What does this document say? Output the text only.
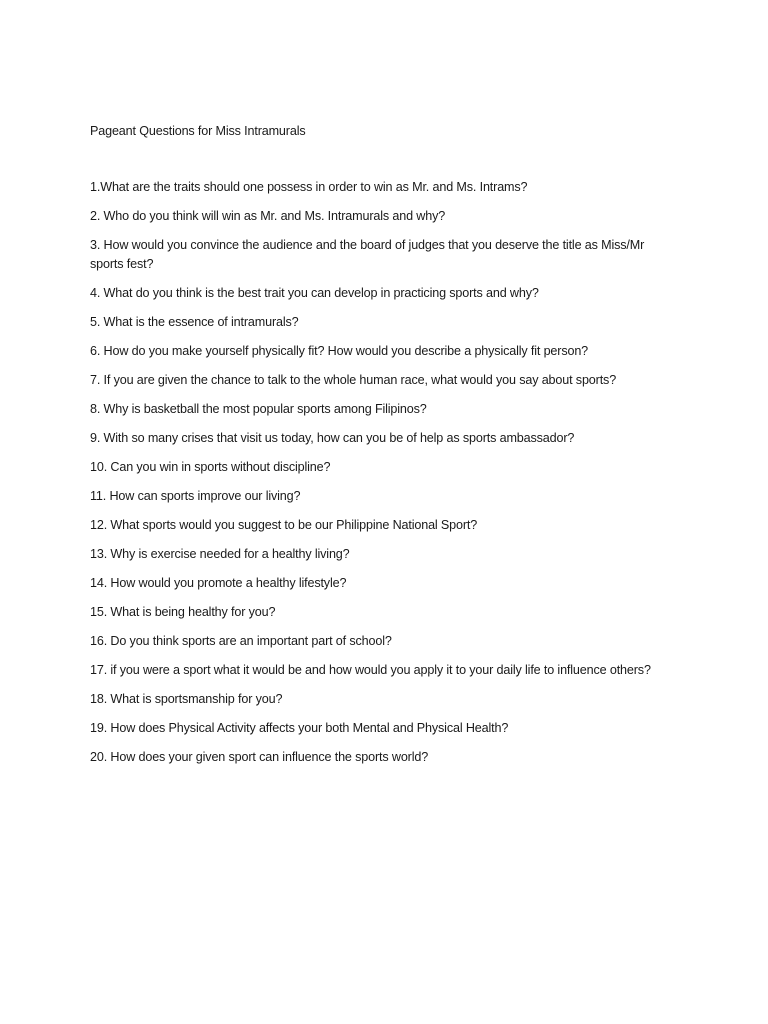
Pageant Questions for Miss Intramurals

1.What are the traits should one possess in order to win as Mr. and Ms. Intrams?
2. Who do you think will win as Mr. and Ms. Intramurals and why?
3. How would you convince the audience and the board of judges that you deserve the title as Miss/Mr sports fest?
4. What do you think is the best trait you can develop in practicing sports and why?
5. What is the essence of intramurals?
6. How do you make yourself physically fit? How would you describe a physically fit person?
7. If you are given the chance to talk to the whole human race, what would you say about sports?
8. Why is basketball the most popular sports among Filipinos?
9. With so many crises that visit us today, how can you be of help as sports ambassador?
10. Can you win in sports without discipline?
11. How can sports improve our living?
12. What sports would you suggest to be our Philippine National Sport?
13. Why is exercise needed for a healthy living?
14. How would you promote a healthy lifestyle?
15. What is being healthy for you?
16. Do you think sports are an important part of school?
17. if you were a sport what it would be and how would you apply it to your daily life to influence others?
18. What is sportsmanship for you?
19. How does Physical Activity affects your both Mental and Physical Health?
20. How does your given sport can influence the sports world?
